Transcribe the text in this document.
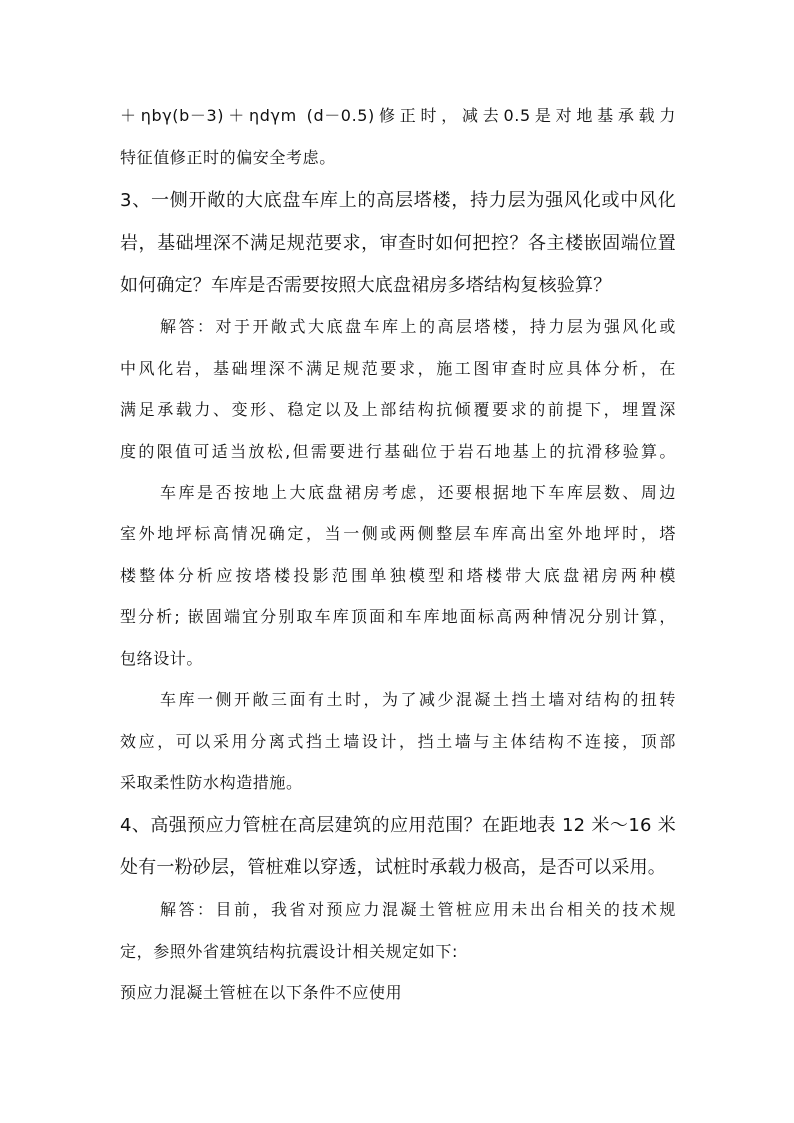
＋ηbγ(b－3)＋ηdγm (d－0.5)修正时，减去0.5是对地基承载力
特征值修正时的偏安全考虑。
3、一侧开敞的大底盘车库上的高层塔楼，持力层为强风化或中风化
岩，基础埋深不满足规范要求，审查时如何把控？各主楼嵌固端位置
如何确定？车库是否需要按照大底盘裙房多塔结构复核验算？
解答：对于开敞式大底盘车库上的高层塔楼，持力层为强风化或
中风化岩，基础埋深不满足规范要求，施工图审查时应具体分析，在
满足承载力、变形、稳定以及上部结构抗倾覆要求的前提下，埋置深
度的限值可适当放松,但需要进行基础位于岩石地基上的抗滑移验算。
车库是否按地上大底盘裙房考虑，还要根据地下车库层数、周边
室外地坪标高情况确定，当一侧或两侧整层车库高出室外地坪时，塔
楼整体分析应按塔楼投影范围单独模型和塔楼带大底盘裙房两种模
型分析; 嵌固端宜分别取车库顶面和车库地面标高两种情况分别计算，
包络设计。
车库一侧开敞三面有土时，为了减少混凝土挡土墙对结构的扭转
效应，可以采用分离式挡土墙设计，挡土墙与主体结构不连接，顶部
采取柔性防水构造措施。
4、高强预应力管桩在高层建筑的应用范围？在距地表 12 米～16 米
处有一粉砂层，管桩难以穿透，试桩时承载力极高，是否可以采用。
解答：目前，我省对预应力混凝土管桩应用未出台相关的技术规
定，参照外省建筑结构抗震设计相关规定如下:
预应力混凝土管桩在以下条件不应使用
